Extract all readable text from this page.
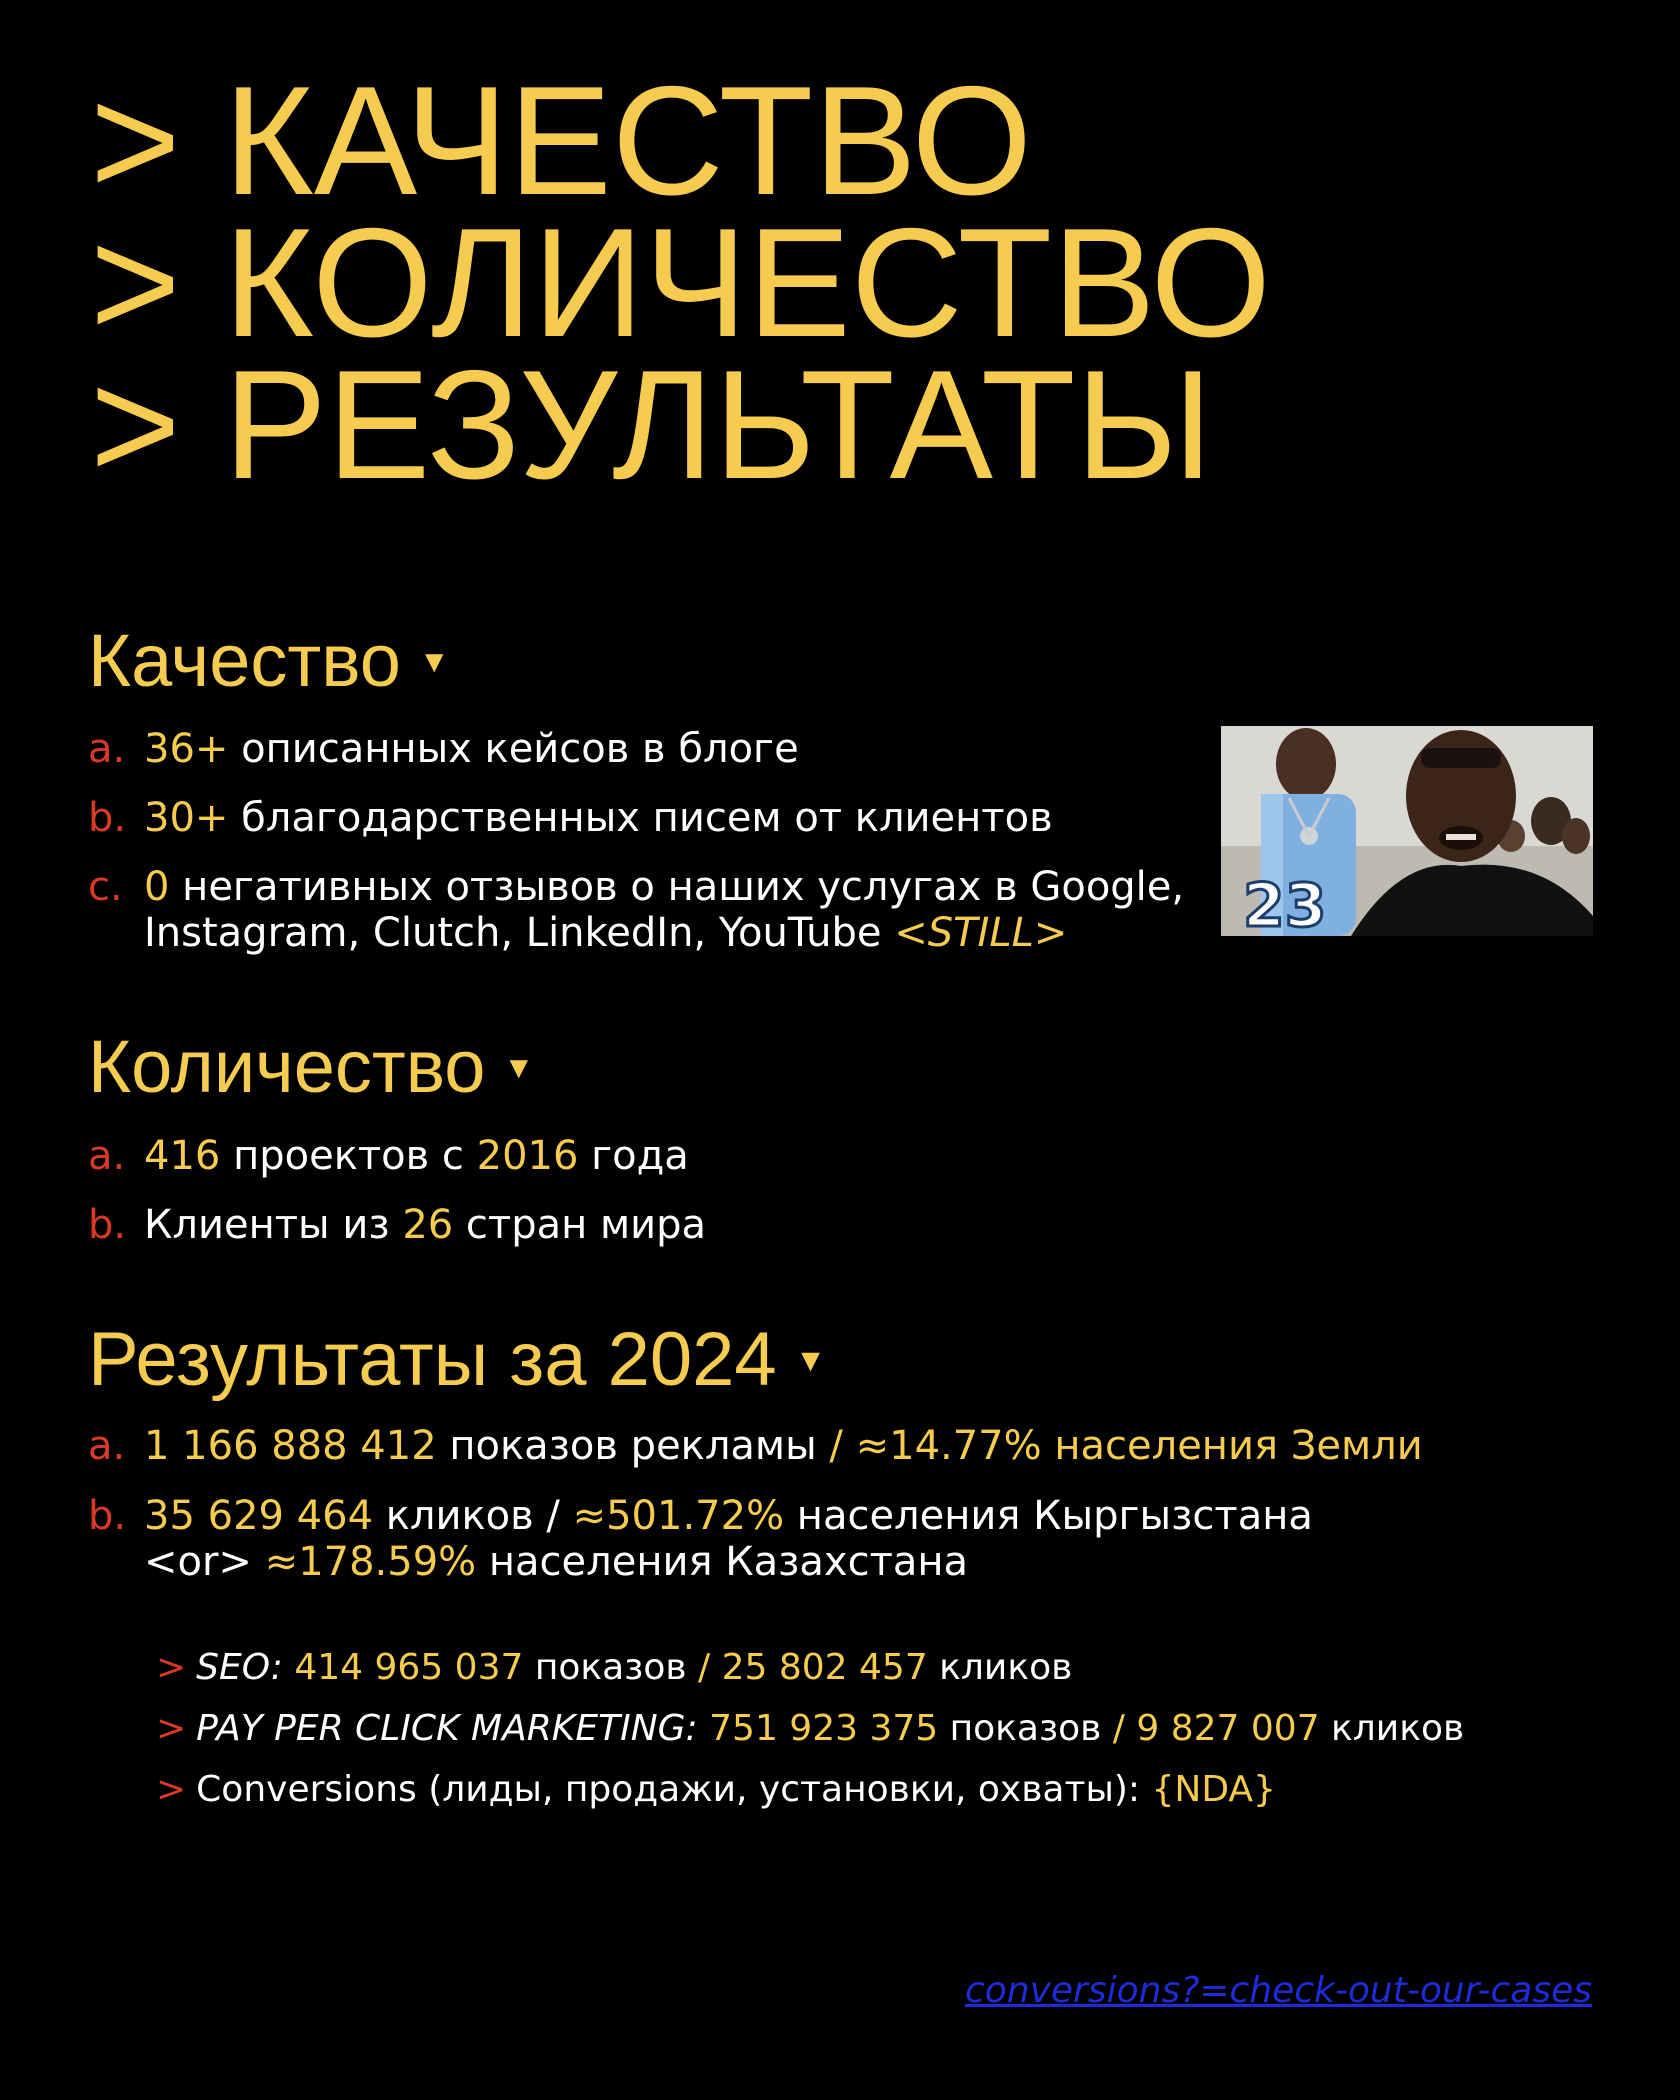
> КАЧЕСТВО
> КОЛИЧЕСТВО
> РЕЗУЛЬТАТЫ
Качество ▼
a. 36+ описанных кейсов в блоге
b. 30+ благодарственных писем от клиентов
c. 0 негативных отзывов о наших услугах в Google,
Instagram, Clutch, LinkedIn, YouTube <STILL>	23
Количество ▼
a. 416 проектов с 2016 года
b. Клиенты из 26 стран мира
Результаты за 2024 ▼
a. 1 166 888 412 показов рекламы / ≈14.77% населения Земли
b. 35 629 464 кликов / ≈501.72% населения Кыргызстана
<or> ≈178.59% населения Казахстана
> SEO: 414 965 037 показов / 25 802 457 кликов
> PAY PER CLICK MARKETING: 751 923 375 показов / 9 827 007 кликов
> Conversions (лиды, продажи, установки, охваты): {NDA}
conversions?=check-out-our-cases
